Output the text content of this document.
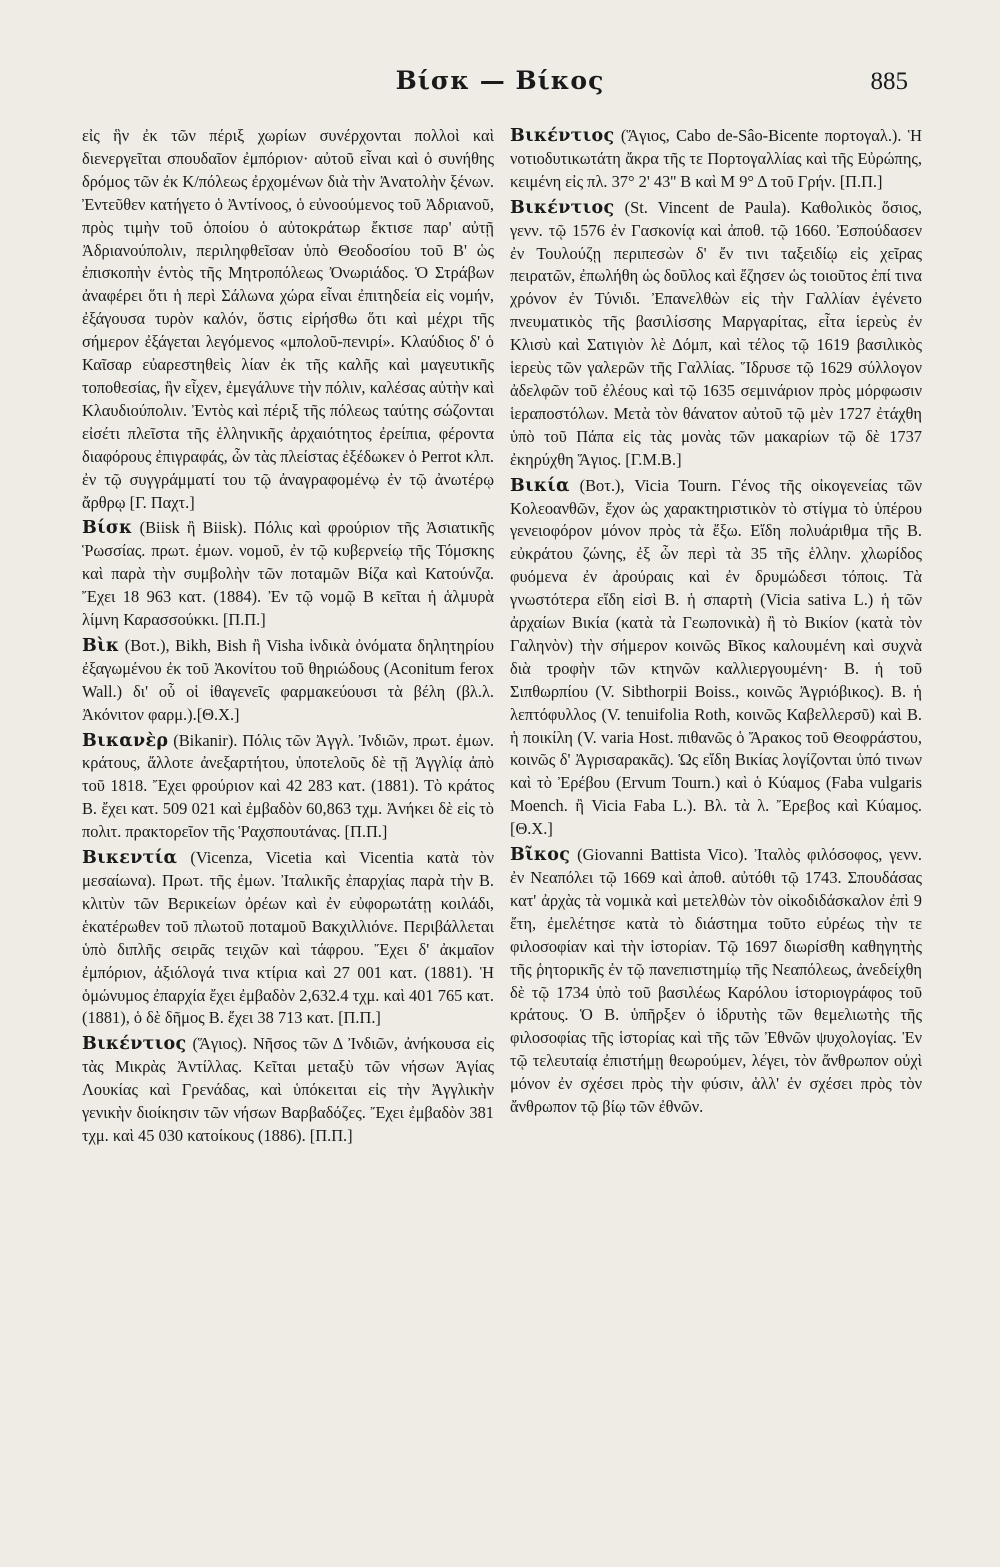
Βίσκ — Βίκος	885

εἰς ἣν ἐκ τῶν πέριξ χωρίων συνέρχονται πολλοὶ καὶ διενεργεῖται σπουδαῖον ἐμπόριον· αὐτοῦ εἶναι καὶ ὁ συνήθης δρόμος τῶν ἐκ Κ/πόλεως ἐρχομένων διὰ τὴν Ἀνατολὴν ξένων. Ἐντεῦθεν κατήγετο ὁ Ἀντίνοος, ὁ εὐνοούμενος τοῦ Ἀδριανοῦ, πρὸς τιμὴν τοῦ ὁποίου ὁ αὐτοκράτωρ ἔκτισε παρ' αὐτῇ Ἀδριανούπολιν, περιληφθεῖσαν ὑπὸ Θεοδοσίου τοῦ Β' ὡς ἐπισκοπὴν ἐντὸς τῆς Μητροπόλεως Ὀνωριάδος. Ὁ Στράβων ἀναφέρει ὅτι ἡ περὶ Σάλωνα χώρα εἶναι ἐπιτηδεία εἰς νομήν, ἐξάγουσα τυρὸν καλόν, ὅστις εἰρήσθω ὅτι καὶ μέχρι τῆς σήμερον ἐξάγεται λεγόμενος «μπολοῦ-πενιρί». Κλαύδιος δ' ὁ Καῖσαρ εὐαρεστηθεὶς λίαν ἐκ τῆς καλῆς καὶ μαγευτικῆς τοποθεσίας, ἣν εἶχεν, ἐμεγάλυνε τὴν πόλιν, καλέσας αὐτὴν καὶ Κλαυδιούπολιν. Ἐντὸς καὶ πέριξ τῆς πόλεως ταύτης σώζονται εἰσέτι πλεῖστα τῆς ἑλληνικῆς ἀρχαιότητος ἐρείπια, φέροντα διαφόρους ἐπιγραφάς, ὧν τὰς πλείστας ἐξέδωκεν ὁ Perrot κλπ. ἐν τῷ συγγράμματί του τῷ ἀναγραφομένῳ ἐν τῷ ἀνωτέρῳ ἄρθρῳ [Γ. Παχτ.]

Βίσκ (Biisk ἢ Biisk). Πόλις καὶ φρούριον τῆς Ἀσιατικῆς Ῥωσσίας. πρωτ. ἐμων. νομοῦ, ἐν τῷ κυβερνείῳ τῆς Τόμσκης καὶ παρὰ τὴν συμβολὴν τῶν ποταμῶν Βίζα καὶ Κατούνζα. Ἔχει 18 963 κατ. (1884). Ἐν τῷ νομῷ Β κεῖται ἡ ἁλμυρὰ λίμνη Καρασσούκκι. [Π.Π.]

Βὶκ (Βοτ.), Bikh, Bish ἢ Visha ἰνδικὰ ὀνόματα δηλητηρίου ἐξαγωμένου ἐκ τοῦ Ἀκονίτου τοῦ θηριώδους (Aconitum ferox Wall.) δι' οὗ οἱ ἰθαγενεῖς φαρμακεύουσι τὰ βέλη (βλ.λ. Ἀκόνιτον φαρμ.).[Θ.Χ.]

Βικανὲρ (Bikanir). Πόλις τῶν Ἀγγλ. Ἰνδιῶν, πρωτ. ἐμων. κράτους, ἄλλοτε ἀνεξαρτήτου, ὑποτελοῦς δὲ τῇ Ἀγγλίᾳ ἀπὸ τοῦ 1818. Ἔχει φρούριον καὶ 42 283 κατ. (1881). Τὸ κράτος Β. ἔχει κατ. 509 021 καὶ ἐμβαδὸν 60,863 τχμ. Ἀνήκει δὲ εἰς τὸ πολιτ. πρακτορεῖον τῆς Ῥαχσπουτάνας. [Π.Π.]

Βικεντία (Vicenza, Vicetia καὶ Vicentia κατὰ τὸν μεσαίωνα). Πρωτ. τῆς ἐμων. Ἰταλικῆς ἐπαρχίας παρὰ τὴν Β. κλιτὺν τῶν Βερικείων ὀρέων καὶ ἐν εὐφορωτάτῃ κοιλάδι, ἑκατέρωθεν τοῦ πλωτοῦ ποταμοῦ Βακχιλλιόνε. Περιβάλλεται ὑπὸ διπλῆς σειρᾶς τειχῶν καὶ τάφρου. Ἔχει δ' ἀκμαῖον ἐμπόριον, ἀξιόλογά τινα κτίρια καὶ 27 001 κατ. (1881). Ἡ ὁμώνυμος ἐπαρχία ἔχει ἐμβαδὸν 2,632.4 τχμ. καὶ 401 765 κατ. (1881), ὁ δὲ δῆμος Β. ἔχει 38 713 κατ. [Π.Π.]

Βικέντιος (Ἅγιος). Νῆσος τῶν Δ Ἰνδιῶν, ἀνήκουσα εἰς τὰς Μικρὰς Ἀντίλλας. Κεῖται μεταξὺ τῶν νήσων Ἁγίας Λουκίας καὶ Γρενάδας, καὶ ὑπόκειται εἰς τὴν Ἀγγλικὴν γενικὴν διοίκησιν τῶν νήσων Βαρβαδόζες. Ἔχει ἐμβαδὸν 381 τχμ. καὶ 45 030 κατοίκους (1886). [Π.Π.]

Βικέντιος (Ἅγιος, Cabo de-Sâo-Bicente πορτογαλ.). Ἡ νοτιοδυτικωτάτη ἄκρα τῆς τε Πορτογαλλίας καὶ τῆς Εὐρώπης, κειμένη εἰς πλ. 37° 2' 43'' Β καὶ Μ 9° Δ τοῦ Γρήν. [Π.Π.]

Βικέντιος (St. Vincent de Paula). Καθολικὸς ὅσιος, γενν. τῷ 1576 ἐν Γασκονίᾳ καὶ ἀποθ. τῷ 1660. Ἐσπούδασεν ἐν Τουλούζῃ περιπεσὼν δ' ἔν τινι ταξειδίῳ εἰς χεῖρας πειρατῶν, ἐπωλήθη ὡς δοῦλος καὶ ἔζησεν ὡς τοιοῦτος ἐπί τινα χρόνον ἐν Τύνιδι. Ἐπανελθὼν εἰς τὴν Γαλλίαν ἐγένετο πνευματικὸς τῆς βασιλίσσης Μαργαρίτας, εἶτα ἱερεὺς ἐν Κλισὺ καὶ Σατιγιὸν λὲ Δόμπ, καὶ τέλος τῷ 1619 βασιλικὸς ἱερεὺς τῶν γαλερῶν τῆς Γαλλίας. Ἵδρυσε τῷ 1629 σύλλογον ἀδελφῶν τοῦ ἐλέους καὶ τῷ 1635 σεμινάριον πρὸς μόρφωσιν ἱεραποστόλων. Μετὰ τὸν θάνατον αὐτοῦ τῷ μὲν 1727 ἐτάχθη ὑπὸ τοῦ Πάπα εἰς τὰς μονὰς τῶν μακαρίων τῷ δὲ 1737 ἐκηρύχθη Ἅγιος. [Γ.Μ.Β.]

Βικία (Βοτ.), Vicia Tourn. Γένος τῆς οἰκογενείας τῶν Κολεοανθῶν, ἔχον ὡς χαρακτηριστικὸν τὸ στίγμα τὸ ὑπέρου γενειοφόρον μόνον πρὸς τὰ ἔξω. Εἴδη πολυάριθμα τῆς Β. εὐκράτου ζώνης, ἐξ ὧν περὶ τὰ 35 τῆς ἑλλην. χλωρίδος φυόμενα ἐν ἀρούραις καὶ ἐν δρυμώδεσι τόποις. Τὰ γνωστότερα εἴδη εἰσὶ Β. ἡ σπαρτὴ (Vicia sativa L.) ἡ τῶν ἀρχαίων Βικία (κατὰ τὰ Γεωπονικὰ) ἢ τὸ Βικίον (κατὰ τὸν Γαληνὸν) τὴν σήμερον κοινῶς Βῖκος καλουμένη καὶ συχνὰ διὰ τροφὴν τῶν κτηνῶν καλλιεργουμένη· Β. ἡ τοῦ Σιπθωρπίου (V. Sibthorpii Boiss., κοινῶς Ἀγριόβικος). Β. ἡ λεπτόφυλλος (V. tenuifolia Roth, κοινῶς Καβελλερσῦ) καὶ Β. ἡ ποικίλη (V. varia Host. πιθανῶς ὁ Ἄρακος τοῦ Θεοφράστου, κοινῶς δ' Ἀγρισαρακᾶς). Ὡς εἴδη Βικίας λογίζονται ὑπό τινων καὶ τὸ Ἐρέβου (Ervum Tourn.) καὶ ὁ Κύαμος (Faba vulgaris Moench. ἢ Vicia Faba L.). Βλ. τὰ λ. Ἔρεβος καὶ Κύαμος. [Θ.Χ.]

Βῖκος (Giovanni Battista Vico). Ἰταλὸς φιλόσοφος, γενν. ἐν Νεαπόλει τῷ 1669 καὶ ἀποθ. αὐτόθι τῷ 1743. Σπουδάσας κατ' ἀρχὰς τὰ νομικὰ καὶ μετελθὼν τὸν οἰκοδιδάσκαλον ἐπὶ 9 ἔτη, ἐμελέτησε κατὰ τὸ διάστημα τοῦτο εὐρέως τὴν τε φιλοσοφίαν καὶ τὴν ἱστορίαν. Τῷ 1697 διωρίσθη καθηγητὴς τῆς ῥητορικῆς ἐν τῷ πανεπιστημίῳ τῆς Νεαπόλεως, ἀνεδείχθη δὲ τῷ 1734 ὑπὸ τοῦ βασιλέως Καρόλου ἱστοριογράφος τοῦ κράτους. Ὁ Β. ὑπῆρξεν ὁ ἱδρυτὴς τῶν θεμελιωτὴς τῆς φιλοσοφίας τῆς ἱστορίας καὶ τῆς τῶν Ἐθνῶν ψυχολογίας. Ἐν τῷ τελευταίᾳ ἐπιστήμῃ θεωρούμεν, λέγει, τὸν ἄνθρωπον οὐχὶ μόνον ἐν σχέσει πρὸς τὴν φύσιν, ἀλλ' ἐν σχέσει πρὸς τὸν ἄνθρωπον τῷ βίῳ τῶν ἐθνῶν.
